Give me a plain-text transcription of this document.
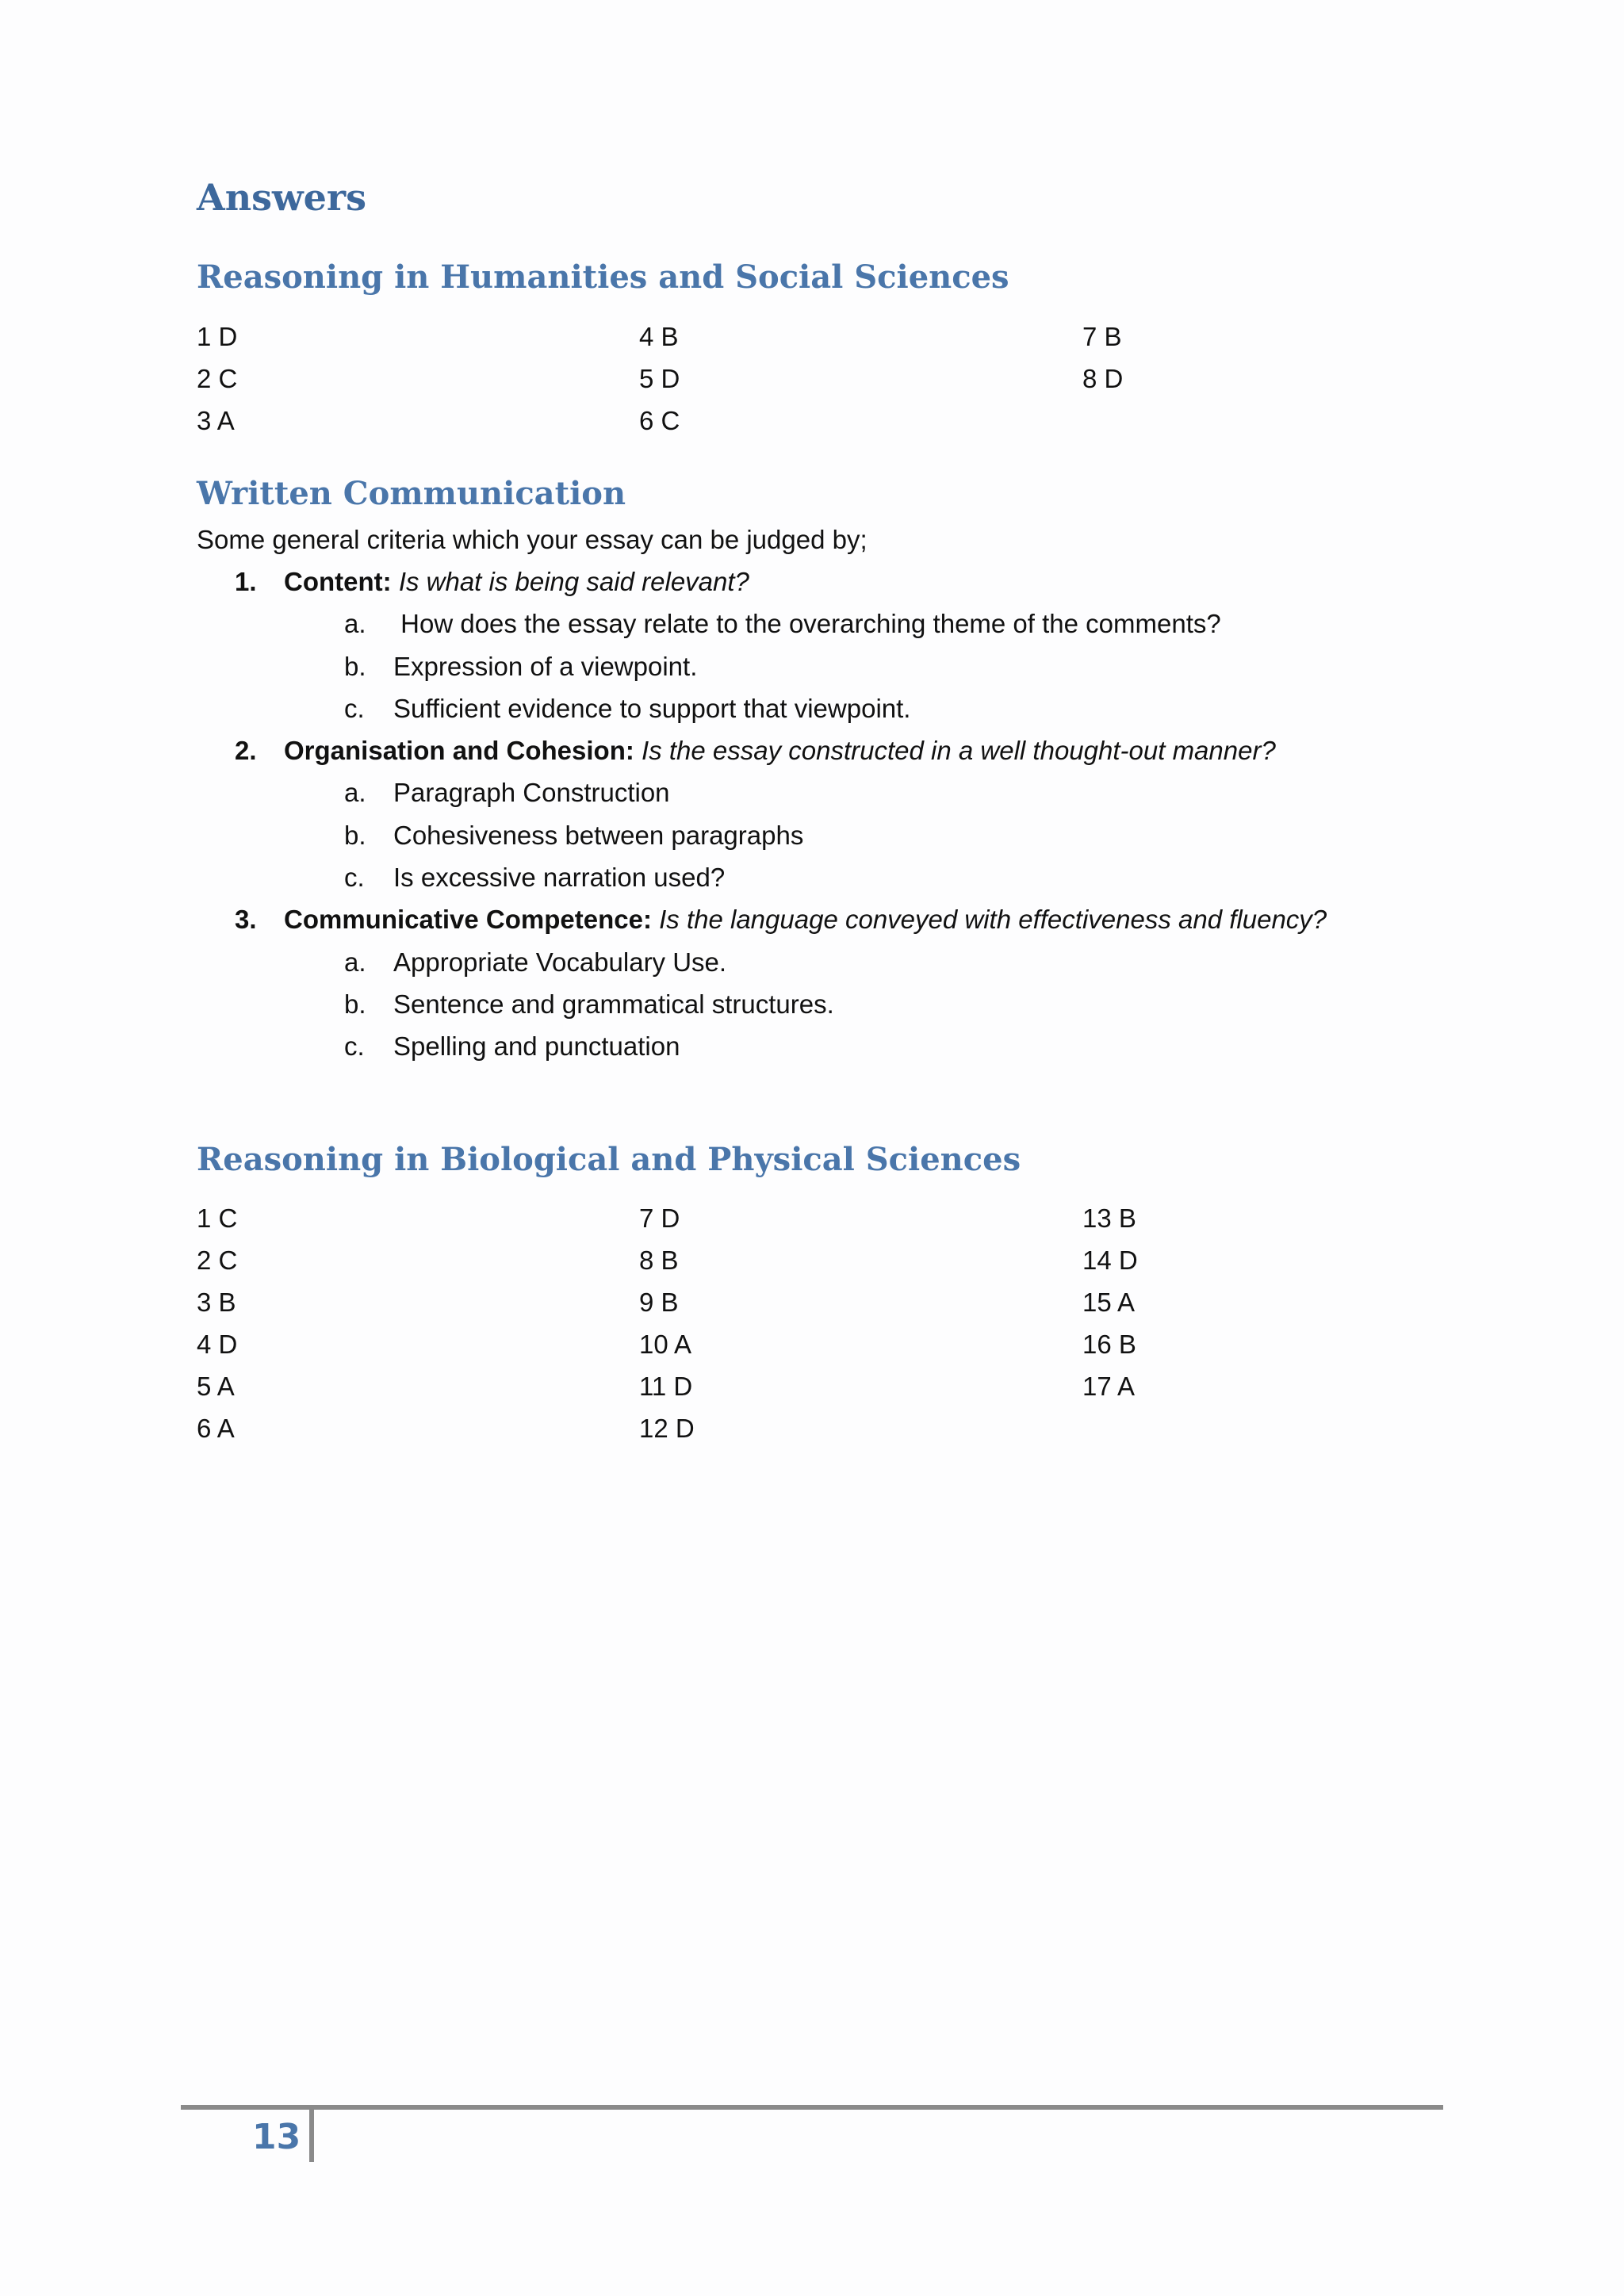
Answers
Reasoning in Humanities and Social Sciences
1 D
2 C
3 A
4 B
5 D
6 C
7 B
8 D
Written Communication
Some general criteria which your essay can be judged by;
1. Content: Is what is being said relevant?
a. How does the essay relate to the overarching theme of the comments?
b. Expression of a viewpoint.
c. Sufficient evidence to support that viewpoint.
2. Organisation and Cohesion: Is the essay constructed in a well thought-out manner?
a. Paragraph Construction
b. Cohesiveness between paragraphs
c. Is excessive narration used?
3. Communicative Competence: Is the language conveyed with effectiveness and fluency?
a. Appropriate Vocabulary Use.
b. Sentence and grammatical structures.
c. Spelling and punctuation
Reasoning in Biological and Physical Sciences
1 C
2 C
3 B
4 D
5 A
6 A
7 D
8 B
9 B
10 A
11 D
12 D
13 B
14 D
15 A
16 B
17 A
13
